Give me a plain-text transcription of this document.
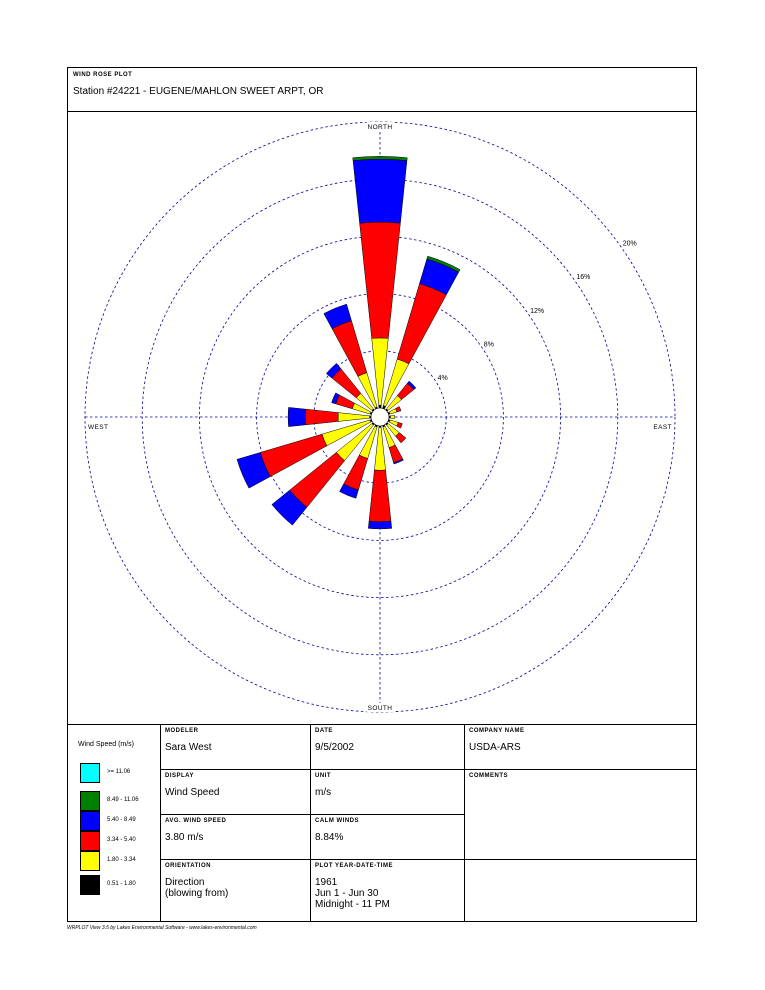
WIND ROSE PLOT
Station #24221 - EUGENE/MAHLON SWEET ARPT, OR
4%
8%
12%
16%
20%
NORTH
SOUTH
WEST	EAST
Wind Speed (m/s)
>= 11.06
8.49 - 11.06
5.40 - 8.49
3.34 - 5.40
1.80 - 3.34
0.51 - 1.80
MODELER
Sara West
DATE
9/5/2002
COMPANY NAME
USDA-ARS
DISPLAY
Wind Speed
UNIT
m/s
COMMENTS
AVG. WIND SPEED
3.80 m/s
CALM WINDS
8.84%
ORIENTATION
Direction
(blowing from)
PLOT YEAR-DATE-TIME
1961
Jun 1 - Jun 30
Midnight - 11 PM
WRPLOT View 3.5 by Lakes Environmental Software - www.lakes-environmental.com
